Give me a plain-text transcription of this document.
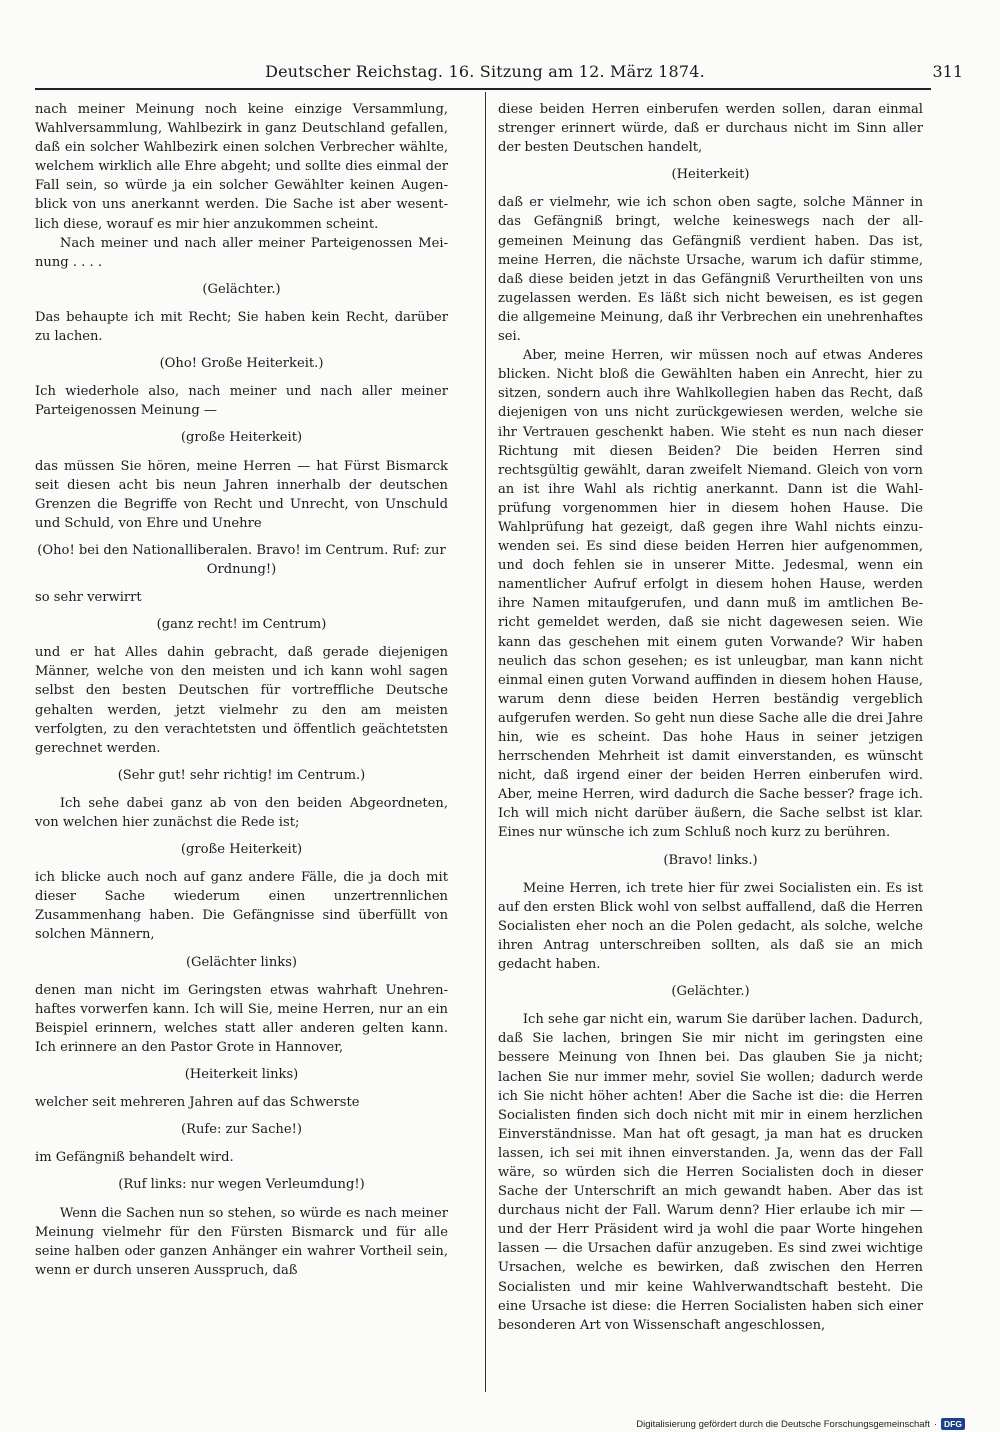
Deutscher Reichstag. 16. Sitzung am 12. März 1874.	311

nach meiner Meinung noch keine einzige Versammlung, Wahlversammlung, Wahlbezirk in ganz Deutschland gefallen, daß ein solcher Wahlbezirk einen solchen Verbrecher wählte, welchem wirklich alle Ehre abgeht; und sollte dies einmal der Fall sein, so würde ja ein solcher Gewählter keinen Augenblick von uns anerkannt werden. Die Sache ist aber wesentlich diese, worauf es mir hier anzukommen scheint.

Nach meiner und nach aller meiner Parteigenossen Meinung . . . .

(Gelächter.)

Das behaupte ich mit Recht; Sie haben kein Recht, darüber zu lachen.

(Oho! Große Heiterkeit.)

Ich wiederhole also, nach meiner und nach aller meiner Parteigenossen Meinung —

(große Heiterkeit)

das müssen Sie hören, meine Herren — hat Fürst Bismarck seit diesen acht bis neun Jahren innerhalb der deutschen Grenzen die Begriffe von Recht und Unrecht, von Unschuld und Schuld, von Ehre und Unehre

(Oho! bei den Nationalliberalen. Bravo! im Centrum. Ruf: zur Ordnung!)

so sehr verwirrt

(ganz recht! im Centrum)

und er hat Alles dahin gebracht, daß gerade diejenigen Männer, welche von den meisten und ich kann wohl sagen selbst den besten Deutschen für vortreffliche Deutsche gehalten werden, jetzt vielmehr zu den am meisten verfolgten, zu den verachtetsten und öffentlich geächtetsten gerechnet werden.

(Sehr gut! sehr richtig! im Centrum.)

Ich sehe dabei ganz ab von den beiden Abgeordneten, von welchen hier zunächst die Rede ist;

(große Heiterkeit)

ich blicke auch noch auf ganz andere Fälle, die ja doch mit dieser Sache wiederum einen unzertrennlichen Zusammenhang haben. Die Gefängnisse sind überfüllt von solchen Männern,

(Gelächter links)

denen man nicht im Geringsten etwas wahrhaft Unehrenhaftes vorwerfen kann. Ich will Sie, meine Herren, nur an ein Beispiel erinnern, welches statt aller anderen gelten kann. Ich erinnere an den Pastor Grote in Hannover,

(Heiterkeit links)

welcher seit mehreren Jahren auf das Schwerste

(Rufe: zur Sache!)

im Gefängniß behandelt wird.

(Ruf links: nur wegen Verleumdung!)

Wenn die Sachen nun so stehen, so würde es nach meiner Meinung vielmehr für den Fürsten Bismarck und für alle seine halben oder ganzen Anhänger ein wahrer Vortheil sein, wenn er durch unseren Ausspruch, daß

diese beiden Herren einberufen werden sollen, daran einmal strenger erinnert würde, daß er durchaus nicht im Sinn aller der besten Deutschen handelt,

(Heiterkeit)

daß er vielmehr, wie ich schon oben sagte, solche Männer in das Gefängniß bringt, welche keineswegs nach der allgemeinen Meinung das Gefängniß verdient haben. Das ist, meine Herren, die nächste Ursache, warum ich dafür stimme, daß diese beiden jetzt in das Gefängniß Verurtheilten von uns zugelassen werden. Es läßt sich nicht beweisen, es ist gegen die allgemeine Meinung, daß ihr Verbrechen ein unehrenhaftes sei.

Aber, meine Herren, wir müssen noch auf etwas Anderes blicken. Nicht bloß die Gewählten haben ein Anrecht, hier zu sitzen, sondern auch ihre Wahlkollegien haben das Recht, daß diejenigen von uns nicht zurückgewiesen werden, welche sie ihr Vertrauen geschenkt haben. Wie steht es nun nach dieser Richtung mit diesen Beiden? Die beiden Herren sind rechtsgültig gewählt, daran zweifelt Niemand. Gleich von vorn an ist ihre Wahl als richtig anerkannt. Dann ist die Wahlprüfung vorgenommen hier in diesem hohen Hause. Die Wahlprüfung hat gezeigt, daß gegen ihre Wahl nichts einzuwenden sei. Es sind diese beiden Herren hier aufgenommen, und doch fehlen sie in unserer Mitte. Jedesmal, wenn ein namentlicher Aufruf erfolgt in diesem hohen Hause, werden ihre Namen mitaufgerufen, und dann muß im amtlichen Bericht gemeldet werden, daß sie nicht dagewesen seien. Wie kann das geschehen mit einem guten Vorwande? Wir haben neulich das schon gesehen; es ist unleugbar, man kann nicht einmal einen guten Vorwand auffinden in diesem hohen Hause, warum denn diese beiden Herren beständig vergeblich aufgerufen werden. So geht nun diese Sache alle die drei Jahre hin, wie es scheint. Das hohe Haus in seiner jetzigen herrschenden Mehrheit ist damit einverstanden, es wünscht nicht, daß irgend einer der beiden Herren einberufen wird. Aber, meine Herren, wird dadurch die Sache besser? frage ich. Ich will mich nicht darüber äußern, die Sache selbst ist klar. Eines nur wünsche ich zum Schluß noch kurz zu berühren.

(Bravo! links.)

Meine Herren, ich trete hier für zwei Socialisten ein. Es ist auf den ersten Blick wohl von selbst auffallend, daß die Herren Socialisten eher noch an die Polen gedacht, als solche, welche ihren Antrag unterschreiben sollten, als daß sie an mich gedacht haben.

(Gelächter.)

Ich sehe gar nicht ein, warum Sie darüber lachen. Dadurch, daß Sie lachen, bringen Sie mir nicht im geringsten eine bessere Meinung von Ihnen bei. Das glauben Sie ja nicht; lachen Sie nur immer mehr, soviel Sie wollen; dadurch werde ich Sie nicht höher achten! Aber die Sache ist die: die Herren Socialisten finden sich doch nicht mit mir in einem herzlichen Einverständnisse. Man hat oft gesagt, ja man hat es drucken lassen, ich sei mit ihnen einverstanden. Ja, wenn das der Fall wäre, so würden sich die Herren Socialisten doch in dieser Sache der Unterschrift an mich gewandt haben. Aber das ist durchaus nicht der Fall. Warum denn? Hier erlaube ich mir — und der Herr Präsident wird ja wohl die paar Worte hingehen lassen — die Ursachen dafür anzugeben. Es sind zwei wichtige Ursachen, welche es bewirken, daß zwischen den Herren Socialisten und mir keine Wahlverwandtschaft besteht. Die eine Ursache ist diese: die Herren Socialisten haben sich einer besonderen Art von Wissenschaft angeschlossen,

Digitalisierung gefördert durch die Deutsche Forschungsgemeinschaft · DFG
